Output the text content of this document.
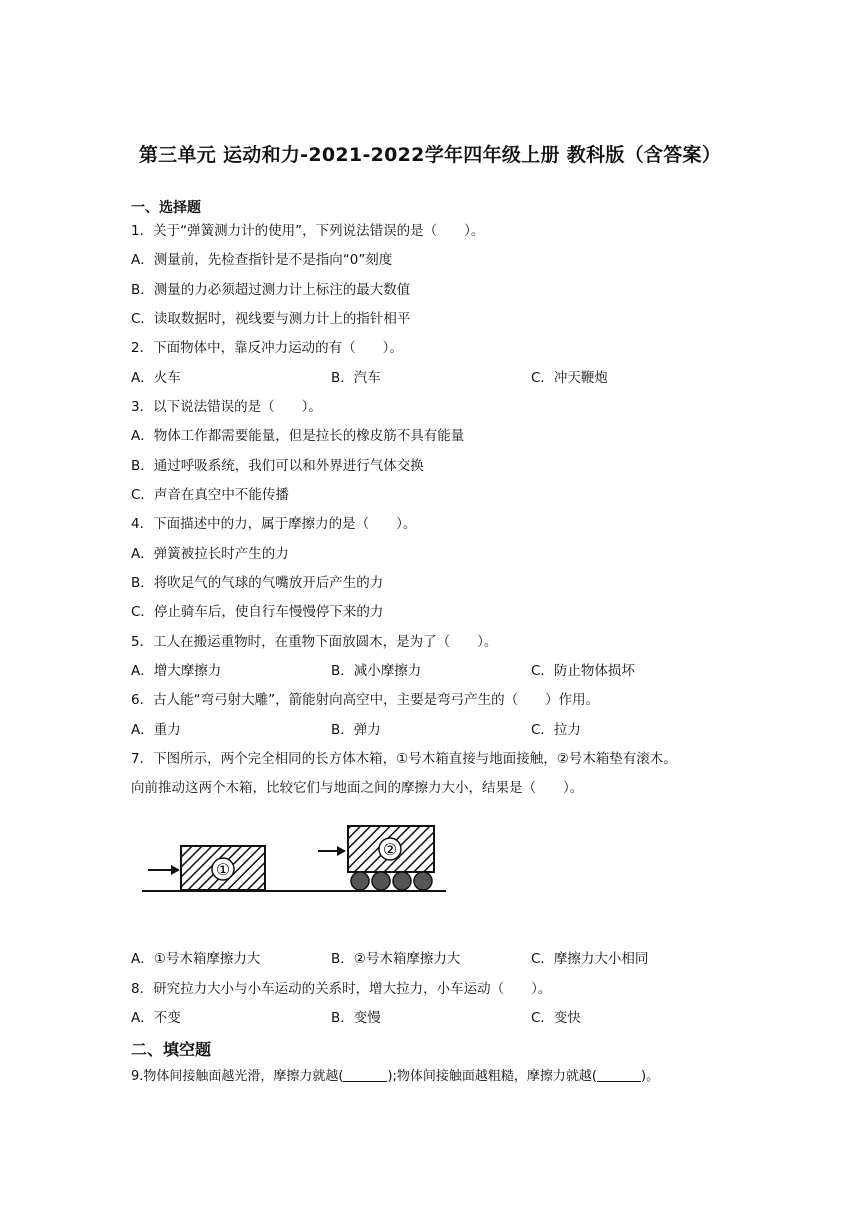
第三单元 运动和力-2021-2022学年四年级上册 教科版（含答案）
一、选择题
1．关于“弹簧测力计的使用”，下列说法错误的是（　　）。
A．测量前，先检查指针是不是指向“0”刻度
B．测量的力必须超过测力计上标注的最大数值
C．读取数据时，视线要与测力计上的指针相平
2．下面物体中，靠反冲力运动的有（　　）。
A．火车	B．汽车	C．冲天鞭炮
3．以下说法错误的是（　　）。
A．物体工作都需要能量，但是拉长的橡皮筋不具有能量
B．通过呼吸系统，我们可以和外界进行气体交换
C．声音在真空中不能传播
4．下面描述中的力，属于摩擦力的是（　　）。
A．弹簧被拉长时产生的力
B．将吹足气的气球的气嘴放开后产生的力
C．停止骑车后，使自行车慢慢停下来的力
5．工人在搬运重物时，在重物下面放圆木，是为了（　　）。
A．增大摩擦力	B．减小摩擦力	C．防止物体损坏
6．古人能“弯弓射大雕”，箭能射向高空中，主要是弯弓产生的（　　）作用。
A．重力	B．弹力	C．拉力
7．下图所示，两个完全相同的长方体木箱，①号木箱直接与地面接触，②号木箱垫有滚木。
向前推动这两个木箱，比较它们与地面之间的摩擦力大小，结果是（　　）。
①
②
A．①号木箱摩擦力大	B．②号木箱摩擦力大	C．摩擦力大小相同
8．研究拉力大小与小车运动的关系时，增大拉力，小车运动（　　）。
A．不变	B．变慢	C．变快
二、填空题
9.物体间接触面越光滑，摩擦力就越(	);物体间接触面越粗糙，摩擦力就越(	)。
